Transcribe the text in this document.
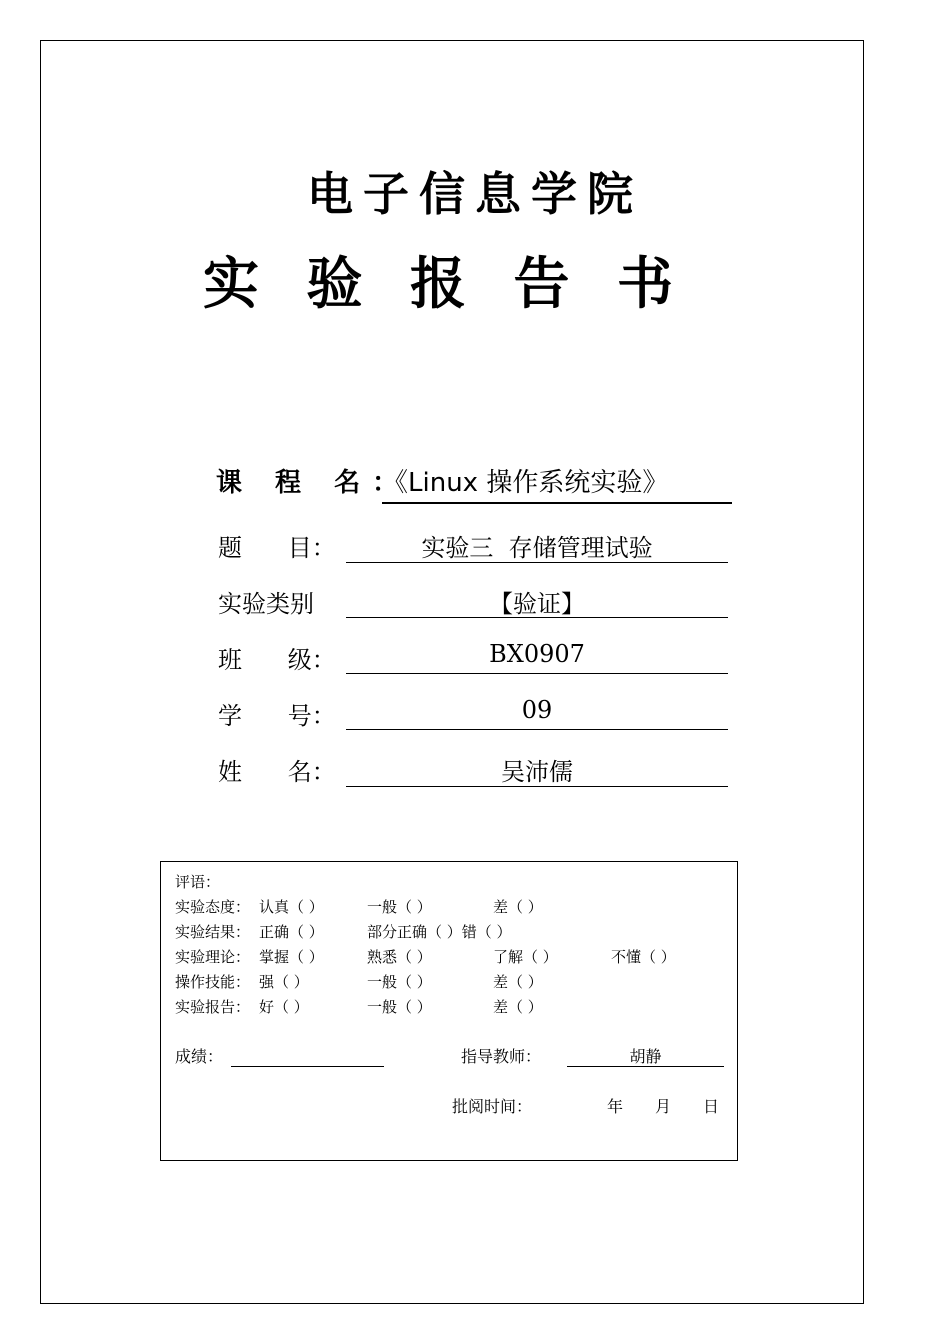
电子信息学院
实 验 报 告 书
课 程 名：
《Linux 操作系统实验》
题      目：	实验三  存储管理试验
实验类别	【验证】
班      级：	BX0907
学      号：	09
姓      名：	吴沛儒
评语：
实验态度： 认真（ ）	一般（ ）	差（ ）
实验结果： 正确（ ）	部分正确（ ）错（ ）
实验理论： 掌握（ ）	熟悉（ ）	了解（ ）	不懂（ ）
操作技能： 强（ ）	一般（ ）	差（ ）
实验报告： 好（ ）	一般（ ）	差（ ）
成绩：	指导教师：	胡静
批阅时间：	年 月 日
